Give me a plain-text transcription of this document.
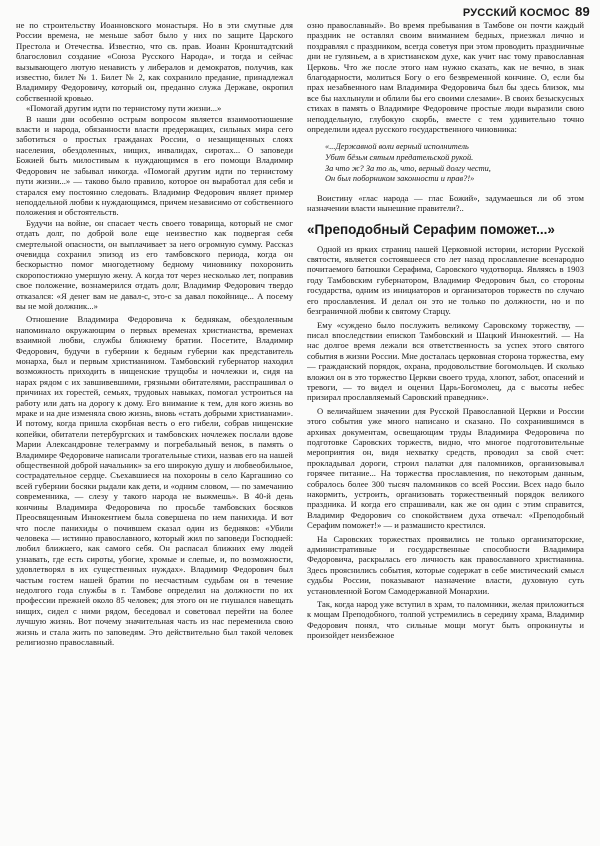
РУССКИЙ КОСМОС 89

не по строительству Иоанновского монастыря. Но в эти смутные для России времена, не меньше забот было у них по защите Царского Престола и Отечества. Известно, что св. прав. Иоанн Кронштадтский благословил создание «Союза Русского Народа», и тогда и сейчас вызывающего лютую ненависть у либералов и демократов, получив, как известно, билет № 1. Билет № 2, как сохранило предание, принадлежал Владимиру Федоровичу, который он, преданно служа Державе, окропил собственной кровью.

«Помогай другим идти по тернистому пути жизни...»

В наши дни особенно острым вопросом является взаимоотношение власти и народа, обязанности власти предержащих, сильных мира сего заботиться о простых гражданах России, о незащищенных слоях населения, обездоленных, нищих, инвалидах, сиротах... О заповеди Божией быть милостивым к нуждающимся в его помощи Владимир Федорович не забывал никогда. «Помогай другим идти по тернистому пути жизни...» — таково было правило, которое он выработал для себя и старался ему постоянно следовать. Владимир Федорович являет пример неподдельной любви к нуждающимся, причем независимо от собственного положения и обстоятельств.

Будучи на войне, он спасает честь своего товарища, который не смог отдать долг, по доброй воле еще неизвестно как подвергая себя смертельной опасности, он выплачивает за него огромную сумму. Рассказ очевидца сохранил эпизод из его тамбовского периода, когда он бескорыстно помог многодетному бедному чиновнику похоронить скоропостижно умершую жену. А когда тот через несколько лет, поправив свое положение, вознамерился отдать долг, Владимир Федорович твердо отказался: «Я денег вам не давал-с, это-с за давал покойнице... А посему вы не мой должник...»

Отношение Владимира Федоровича к беднякам, обездоленным напоминало окружающим о первых временах христианства, временах взаимной любви, службы ближнему братии. Посетите, Владимир Федорович, будучи в губернии к бедным губерни как представитель монарха, был и первым христианином. Тамбовский губернатор находил возможность приходить в нищенские трущобы и ночлежки и, сидя на нарах рядом с их завшивевшими, грязными обитателями, расспрашивал о причинах их горестей, семьях, трудовых навыках, помогал устроиться на работу или дать на дорогу к дому. Его внимание к тем, для кого жизнь во мраке и на дне изменяла свою жизнь, вновь «стать добрыми христианами». И потому, когда пришла скорбная весть о его гибели, собрав нищенские копейки, обитатели петербургских и тамбовских ночлежек послали вдове Марии Александровне телеграмму и погребальный венок, в память о Владимире Федоровиче написали трогательные стихи, назвав его на нашей общественной доброй начальник» за его широкую душу и любвеобильное, сострадательное сердце. Съехавшиеся на похороны в село Каргашино со всей губернии босяки рыдали как дети, и «одним словом, — по замечанию современника, — слезу у такого народа не выжмешь». В 40-й день кончины Владимира Федоровича по просьбе тамбовских босяков Преосвященным Иннокентием была совершена по нем панихида. И вот что после панихиды о почившем сказал один из бедняков: «Убили человека — истинно православного, который жил по заповеди Господней: любил ближнего, как самого себя. Он распасал ближних ему людей узнавать, где есть сироты, убогие, хромые и слепые, и, по возможности, удовлетворял в их существенных нуждах». Владимир Федорович был частым гостем нашей братии по несчастным судьбам он в течение недолгого года службы в г. Тамбове определил на должности по их профессии прежней около 85 человек; для этого он не гнушался навещать нищих, сидел с ними рядом, беседовал и советовал перейти на более лучшую жизнь. Вот почему значительная часть из нас переменила свою жизнь и стала жить по заповедям. Это действительно был такой человек религиозно православный.

озно православный». Во время пребывания в Тамбове он почти каждый праздник не оставлял своим вниманием бедных, приезжал лично и поздравлял с праздником, всегда советуя при этом проводить праздничные дни не гуляньем, а в христианском духе, как учит нас тому православная Церковь. Что же после этого нам нужно сказать, как не вечно, в знак благодарности, молиться Богу о его безвременной кончине. О, если бы прах незабвенного нам Владимира Федоровича был бы здесь близок, мы все бы нахлынули и облили бы его своими слезами». В своих безыскусных стихах в память о Владимире Федоровиче простые люди выразили свою неподдельную, глубокую скорбь, вместе с тем удивительно точно определили идеал русского государственного чиновника:

«...Державной воли верный исполнитель
Убит бёзьм сятым предательской рукой.
За что ж? За то ль, что, верный долгу чести,
Он был поборником законности и прав?!»

Воистину «глас народа — глас Божий», задумаешься ли об этом назначении власти нынешние правители?..

«Преподобный Серафим поможет...»

Одной из ярких страниц нашей Церковной истории, истории Русской святости, является состоявшееся сто лет назад прославление всенародно почитаемого батюшки Серафима, Саровского чудотворца. Являясь в 1903 году Тамбовским губернатором, Владимир Федорович был, со стороны государства, одним из инициаторов и организаторов торжеств по случаю его прославления. И делал он это не только по должности, но и по безграничной любви к святому Старцу.

Ему «суждено было послужить великому Саровскому торжеству, — писал впоследствии епископ Тамбовский и Шацкий Иннокентий. — На нас долгое время лежали вся ответственность за успех этого святого события в жизни России. Мне досталась церковная сторона торжества, ему — гражданский порядок, охрана, продовольствие богомольцев. И сколько вложил он в это торжество Церкви своего труда, хлопот, забот, опасений и тревоги, — то видел и оценил Царь-Богомолец, да с высоты небес призирал прославляемый Саровский праведник».

О величайшем значении для Русской Православной Церкви и России этого события уже много написано и сказано. По сохранившимся в архивах документам, освещающим труды Владимира Федоровича по подготовке Саровских торжеств, видно, что многое подготовительные мероприятия он, видя нехватку средств, проводил за свой счет: прокладывал дороги, строил палатки для паломников, организовывал горячее питание... На торжества прославления, по некоторым данным, собралось более 300 тысяч паломников со всей России. Всех надо было накормить, устроить, организовать торжественный порядок великого праздника. И когда его спрашивали, как же он один с этим справится, Владимир Федорович со спокойствием духа отвечал: «Преподобный Серафим поможет!» — и размашисто крестился.

На Саровских торжествах проявились не только организаторские, административные и государственные способности Владимира Федоровича, раскрылась его личность как православного христианина. Здесь прояснились события, которые содержат в себе мистический смысл судьбы России, показывают назначение власти, духовную суть установленной Богом Самодержавной Монархии.

Так, когда народ уже вступил в храм, то паломники, желая приложиться к мощам Преподобного, толпой устремились в середину храма, Владимир Федорович понял, что сильные мощи могут быть опрокинуты и произойдет неизбежное
